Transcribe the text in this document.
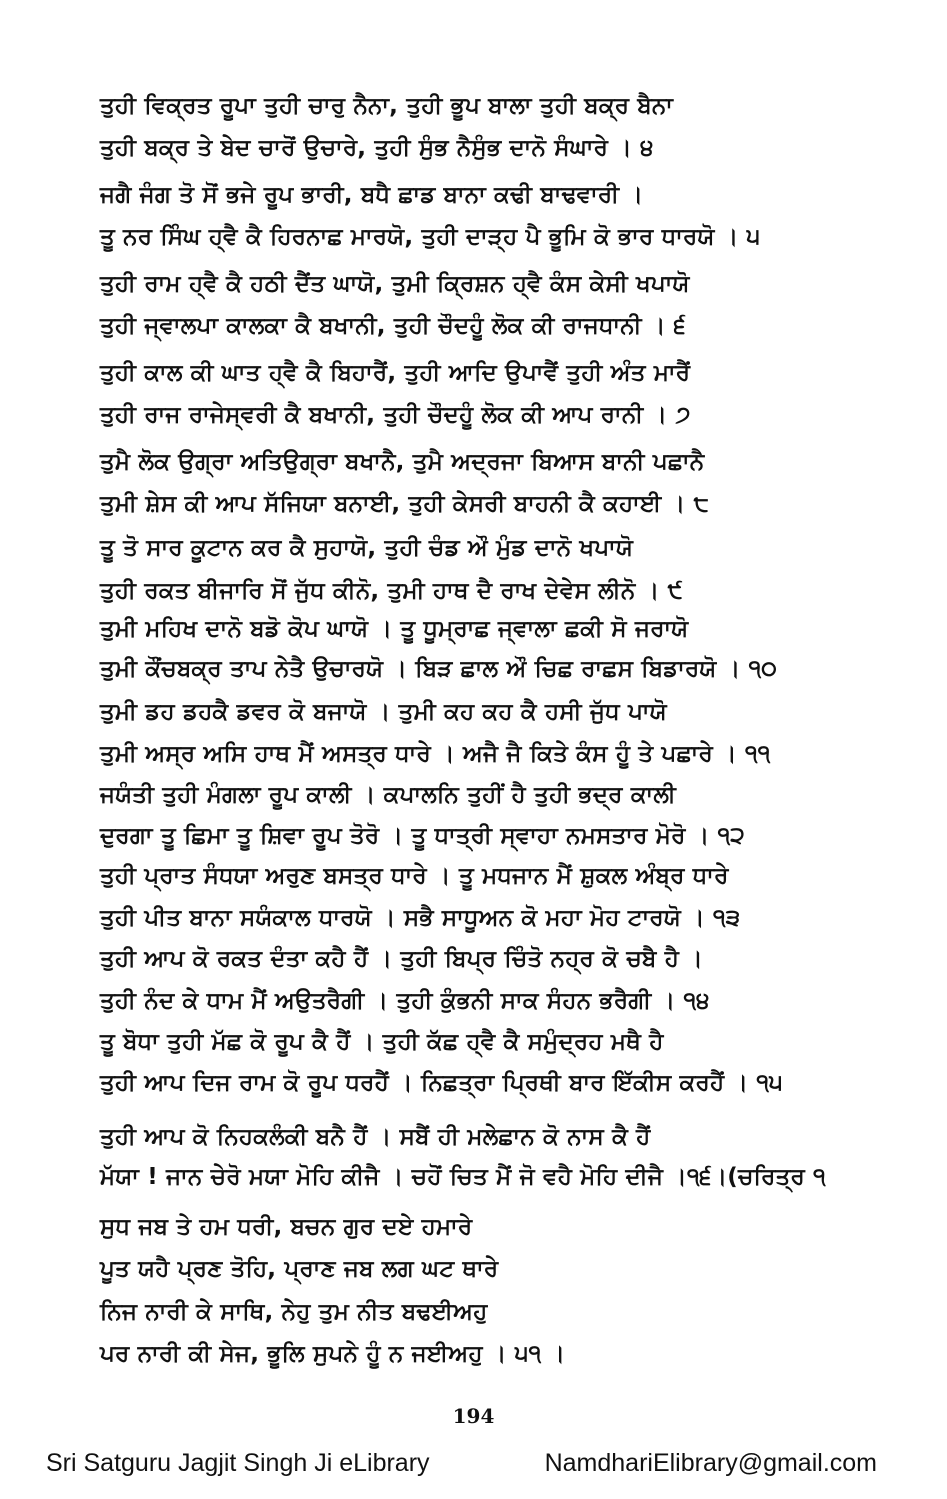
ਤੁਹੀ ਵਿਕ੍ਰਤ ਰੂਪਾ ਤੁਹੀ ਚਾਰੁ ਨੈਨਾ, ਤੁਹੀ ਭੂਪ ਬਾਲਾ ਤੁਹੀ ਬਕ੍ਰ ਬੈਨਾ
ਤੁਹੀ ਬਕ੍ਰ ਤੇ ਬੇਦ ਚਾਰੋਂ ਉਚਾਰੇ, ਤੁਹੀ ਸੁੰਭ ਨੈਸੁੰਭ ਦਾਨੋ ਸੰਘਾਰੇ । ੪
ਜਗੈ ਜੰਗ ਤੋ ਸੋਂ ਭਜੇ ਰੂਪ ਭਾਰੀ, ਬਧੈ ਛਾਡ ਬਾਨਾ ਕਢੀ ਬਾਢਵਾਰੀ ।
ਤੂ ਨਰ ਸਿੰਘ ਹ੍ਵੈ ਕੈ ਹਿਰਨਾਛ ਮਾਰਯੋ, ਤੁਹੀ ਦਾੜ੍ਹ ਪੈ ਭੂਮਿ ਕੋ ਭਾਰ ਧਾਰਯੋ । ੫
ਤੁਹੀ ਰਾਮ ਹ੍ਵੈ ਕੈ ਹਠੀ ਦੈਂਤ ਘਾਯੋ, ਤੁਮੀ ਕ੍ਰਿਸ਼ਨ ਹ੍ਵੈ ਕੰਸ ਕੇਸੀ ਖਪਾਯੋ
ਤੁਹੀ ਜ੍ਵਾਲਪਾ ਕਾਲਕਾ ਕੈ ਬਖਾਨੀ, ਤੁਹੀ ਚੌਦਹੂੰ ਲੋਕ ਕੀ ਰਾਜਧਾਨੀ । ੬
ਤੁਹੀ ਕਾਲ ਕੀ ਘਾਤ ਹ੍ਵੈ ਕੈ ਬਿਹਾਰੈਂ, ਤੁਹੀ ਆਦਿ ਉਪਾਵੈਂ ਤੁਹੀ ਅੰਤ ਮਾਰੈਂ
ਤੁਹੀ ਰਾਜ ਰਾਜੇਸ੍ਵਰੀ ਕੈ ਬਖਾਨੀ, ਤੁਹੀ ਚੌਦਹੂੰ ਲੋਕ ਕੀ ਆਪ ਰਾਨੀ । ੭
ਤੁਮੈ ਲੋਕ ਉਗ੍ਰਾ ਅਤਿਉਗ੍ਰਾ ਬਖਾਨੈ, ਤੁਮੈ ਅਦ੍ਰਜਾ ਬਿਆਸ ਬਾਨੀ ਪਛਾਨੈ
ਤੁਮੀ ਸ਼ੇਸ ਕੀ ਆਪ ਸੱਜਿਯਾ ਬਨਾਈ, ਤੁਹੀ ਕੇਸਰੀ ਬਾਹਨੀ ਕੈ ਕਹਾਈ । ੮
ਤੂ ਤੋ ਸਾਰ ਕੂਟਾਨ ਕਰ ਕੈ ਸੁਹਾਯੋ, ਤੁਹੀ ਚੰਡ ਔ ਮੁੰਡ ਦਾਨੋ ਖਪਾਯੋ
ਤੁਹੀ ਰਕਤ ਬੀਜਾਰਿ ਸੋਂ ਜੁੱਧ ਕੀਨੋ, ਤੁਮੀ ਹਾਥ ਦੈ ਰਾਖ ਦੇਵੇਸ ਲੀਨੋ । ੯
ਤੁਮੀ ਮਹਿਖ ਦਾਨੋ ਬਡੋ ਕੋਪ ਘਾਯੋ । ਤੂ ਧੂਮ੍ਰਾਛ ਜ੍ਵਾਲਾ ਛਕੀ ਸੋ ਜਰਾਯੋ
ਤੁਮੀ ਕੌਂਚਬਕ੍ਰ ਤਾਪ ਨੇਤੈ ਉਚਾਰਯੋ । ਬਿੜ ਛਾਲ ਔ ਚਿਛ ਰਾਛਸ ਬਿਡਾਰਯੋ । ੧੦
ਤੁਮੀ ਡਹ ਡਹਕੈ ਡਵਰ ਕੋ ਬਜਾਯੋ । ਤੁਮੀ ਕਹ ਕਹ ਕੈ ਹਸੀ ਜੁੱਧ ਪਾਯੋ
ਤੁਮੀ ਅਸ੍ਰ ਅਸਿ ਹਾਥ ਮੈਂ ਅਸਤ੍ਰ ਧਾਰੇ । ਅਜੈ ਜੈ ਕਿਤੇ ਕੰਸ ਹੂੰ ਤੇ ਪਛਾਰੇ । ੧੧
ਜਯੰਤੀ ਤੁਹੀ ਮੰਗਲਾ ਰੂਪ ਕਾਲੀ । ਕਪਾਲਨਿ ਤੁਹੀਂ ਹੈ ਤੁਹੀ ਭਦ੍ਰ ਕਾਲੀ
ਦੁਰਗਾ ਤੂ ਛਿਮਾ ਤੂ ਸ਼ਿਵਾ ਰੂਪ ਤੋਰੋ । ਤੂ ਧਾਤ੍ਰੀ ਸ੍ਵਾਹਾ ਨਮਸਤਾਰ ਮੋਰੋ । ੧੨
ਤੁਹੀ ਪ੍ਰਾਤ ਸੰਧਯਾ ਅਰੁਣ ਬਸਤ੍ਰ ਧਾਰੇ । ਤੂ ਮਧਜਾਨ ਮੈਂ ਸ਼ੁਕਲ ਅੰਬ੍ਰ ਧਾਰੇ
ਤੁਹੀ ਪੀਤ ਬਾਨਾ ਸਯੰਕਾਲ ਧਾਰਯੋ । ਸਭੈ ਸਾਧੂਅਨ ਕੋ ਮਹਾ ਮੋਹ ਟਾਰਯੋ । ੧੩
ਤੁਹੀ ਆਪ ਕੋ ਰਕਤ ਦੰਤਾ ਕਹੈ ਹੈਂ । ਤੁਹੀ ਬਿਪ੍ਰ ਚਿੰਤੋ ਨਹ੍ਰ ਕੋ ਚਬੈ ਹੈ ।
ਤੁਹੀ ਨੰਦ ਕੇ ਧਾਮ ਮੈਂ ਅਉਤਰੈਗੀ । ਤੁਹੀ ਕੁੰਭਨੀ ਸਾਕ ਸੰਹਨ ਭਰੈਗੀ । ੧੪
ਤੂ ਬੋਧਾ ਤੁਹੀ ਮੱਛ ਕੋ ਰੂਪ ਕੈ ਹੈਂ । ਤੁਹੀ ਕੱਛ ਹ੍ਵੈ ਕੈ ਸਮੁੰਦ੍ਰਹ ਮਥੈ ਹੈ
ਤੁਹੀ ਆਪ ਦਿਜ ਰਾਮ ਕੋ ਰੂਪ ਧਰਹੈਂ । ਨਿਛਤ੍ਰਾ ਪ੍ਰਿਥੀ ਬਾਰ ਇੱਕੀਸ ਕਰਹੈਂ । ੧੫
ਤੁਹੀ ਆਪ ਕੋ ਨਿਹਕਲੰਕੀ ਬਨੈ ਹੈਂ । ਸਬੈਂ ਹੀ ਮਲੇਛਾਨ ਕੋ ਨਾਸ ਕੈ ਹੈਂ
ਮੱਯਾ ! ਜਾਨ ਚੇਰੋ ਮਯਾ ਮੋਹਿ ਕੀਜੈ । ਚਹੋਂ ਚਿਤ ਮੈਂ ਜੋ ਵਹੈ ਮੋਹਿ ਦੀਜੈ ।੧੬।(ਚਰਿਤ੍ਰ ੧
ਸੁਧ ਜਬ ਤੇ ਹਮ ਧਰੀ, ਬਚਨ ਗੁਰ ਦਏ ਹਮਾਰੇ
ਪੂਤ ਯਹੈ ਪ੍ਰਣ ਤੋਹਿ, ਪ੍ਰਾਣ ਜਬ ਲਗ ਘਟ ਥਾਰੇ
ਨਿਜ ਨਾਰੀ ਕੇ ਸਾਥਿ, ਨੇਹੁ ਤੁਮ ਨੀਤ ਬਢਈਅਹੁ
ਪਰ ਨਾਰੀ ਕੀ ਸੇਜ, ਭੂਲਿ ਸੁਪਨੇ ਹੂੰ ਨ ਜਈਅਹੁ । ੫੧ ।
194
Sri Satguru Jagjit Singh Ji eLibrary	NamdhariElibrary@gmail.com
